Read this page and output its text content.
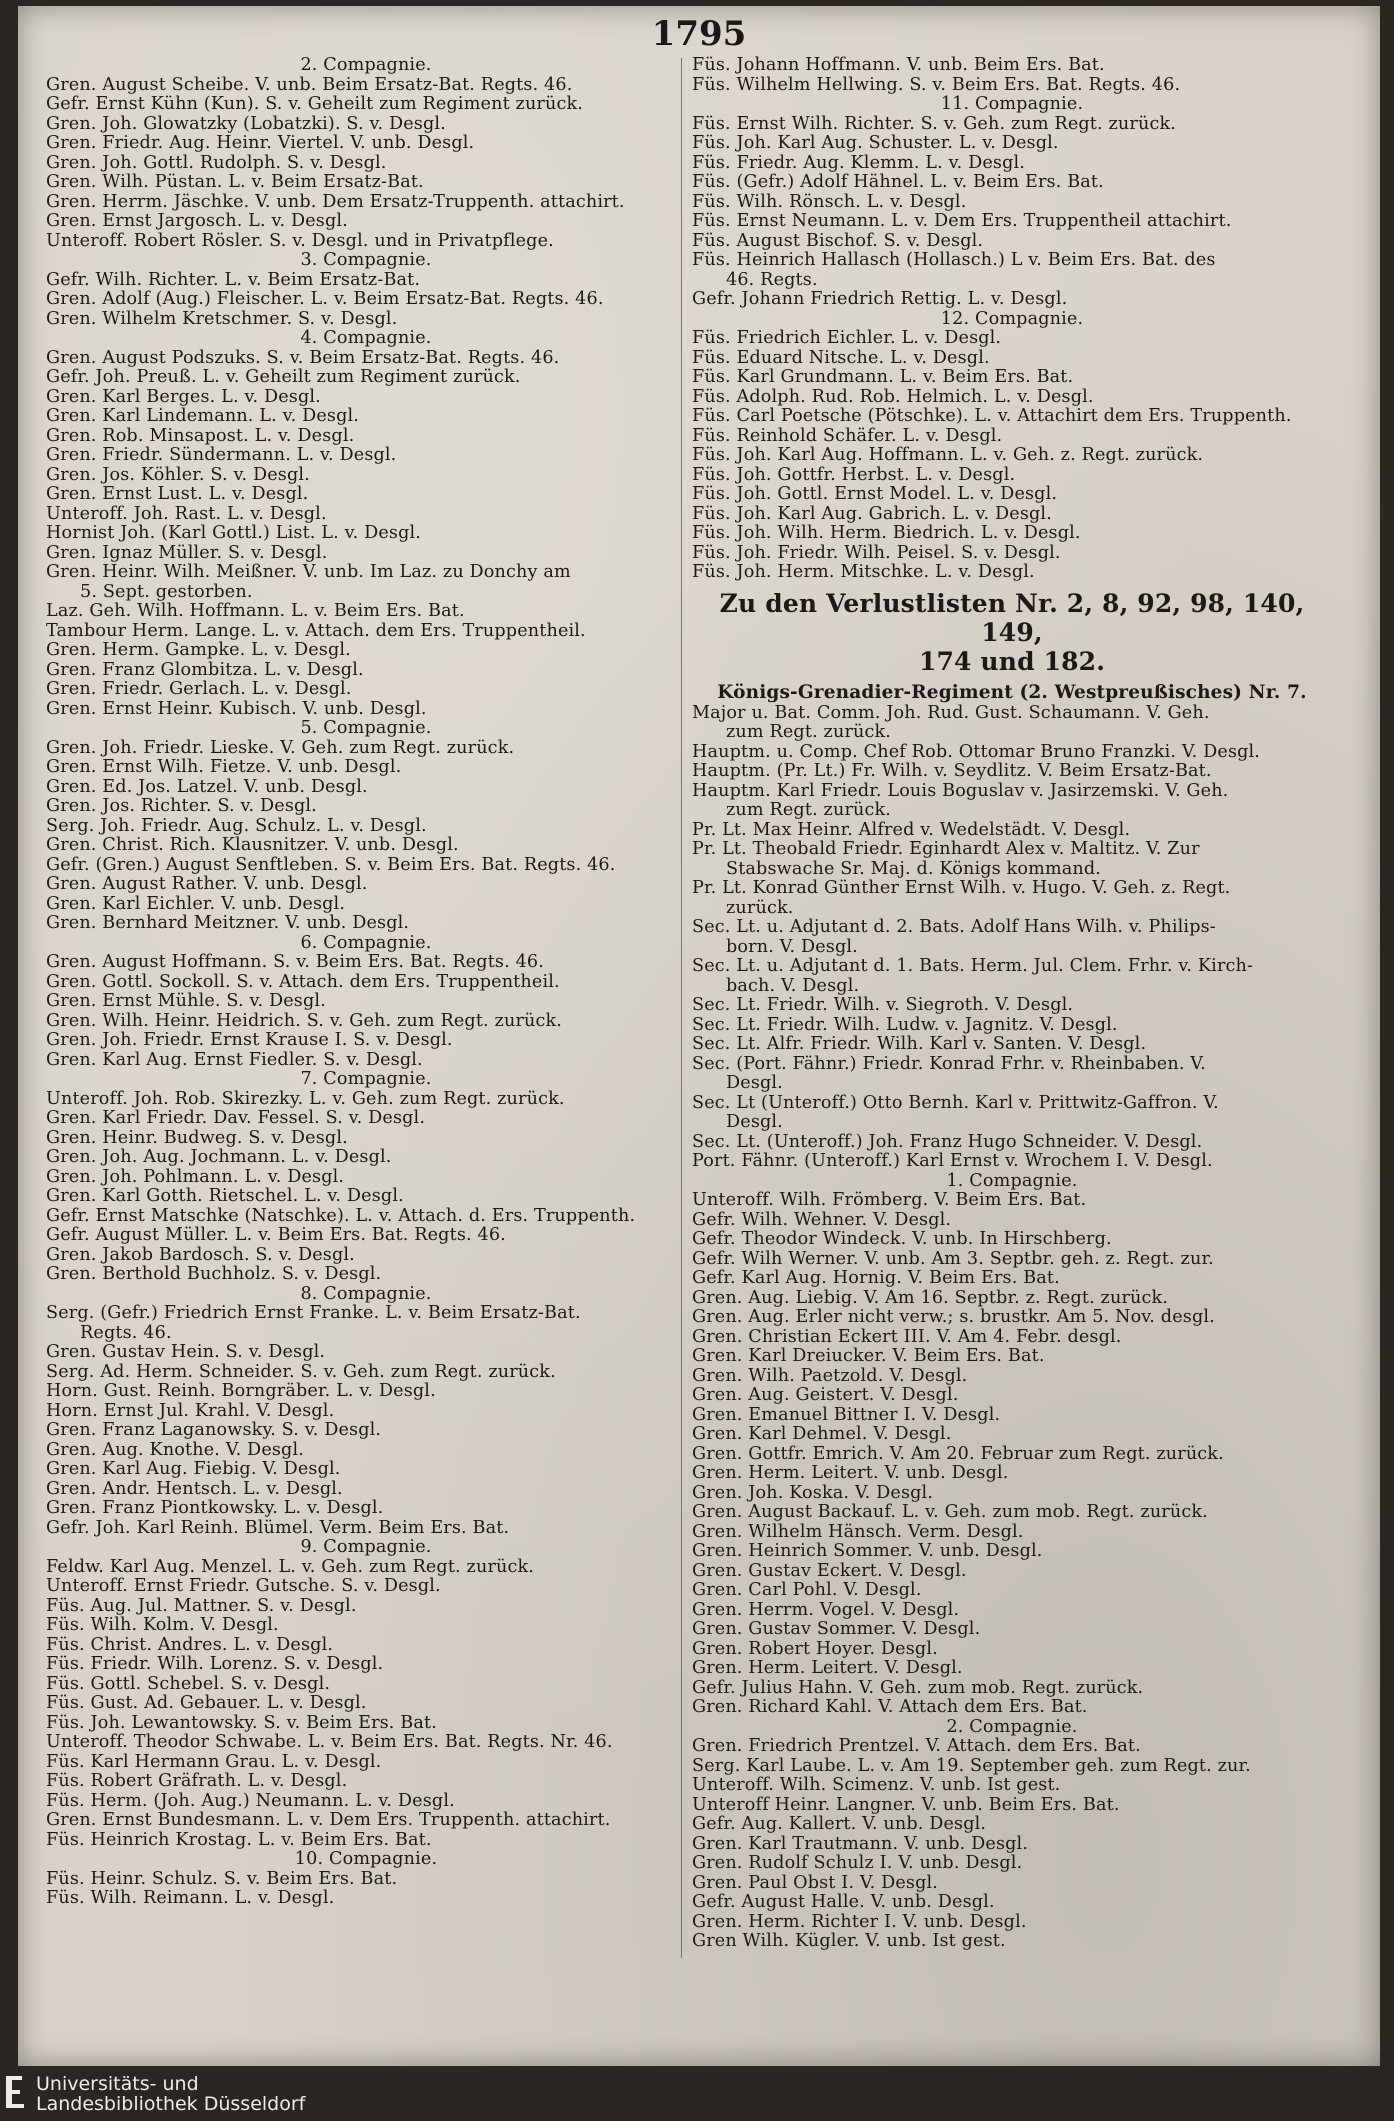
1795
2. Compagnie.
Gren. August Scheibe. V. unb. Beim Ersatz-Bat. Regts. 46.
Gefr. Ernst Kühn (Kun). S. v. Geheilt zum Regiment zurück.
Gren. Joh. Glowatzky (Lobatzki). S. v. Desgl.
Gren. Friedr. Aug. Heinr. Viertel. V. unb. Desgl.
Gren. Joh. Gottl. Rudolph. S. v. Desgl.
Gren. Wilh. Püstan. L. v. Beim Ersatz-Bat.
Gren. Herrm. Jäschke. V. unb. Dem Ersatz-Truppenth. attachirt.
Gren. Ernst Jargosch. L. v. Desgl.
Unteroff. Robert Rösler. S. v. Desgl. und in Privatpflege.
3. Compagnie.
Gefr. Wilh. Richter. L. v. Beim Ersatz-Bat.
Gren. Adolf (Aug.) Fleischer. L. v. Beim Ersatz-Bat. Regts. 46.
Gren. Wilhelm Kretschmer. S. v. Desgl.
4. Compagnie.
Gren. August Podszuks. S. v. Beim Ersatz-Bat. Regts. 46.
Gefr. Joh. Preuß. L. v. Geheilt zum Regiment zurück.
Gren. Karl Berges. L. v. Desgl.
Gren. Karl Lindemann. L. v. Desgl.
Gren. Rob. Minsapost. L. v. Desgl.
Gren. Friedr. Sündermann. L. v. Desgl.
Gren. Jos. Köhler. S. v. Desgl.
Gren. Ernst Lust. L. v. Desgl.
Unteroff. Joh. Rast. L. v. Desgl.
Hornist Joh. (Karl Gottl.) List. L. v. Desgl.
Gren. Ignaz Müller. S. v. Desgl.
Gren. Heinr. Wilh. Meißner. V. unb. Im Laz. zu Donchy am
5. Sept. gestorben.
Laz. Geh. Wilh. Hoffmann. L. v. Beim Ers. Bat.
Tambour Herm. Lange. L. v. Attach. dem Ers. Truppentheil.
Gren. Herm. Gampke. L. v. Desgl.
Gren. Franz Glombitza. L. v. Desgl.
Gren. Friedr. Gerlach. L. v. Desgl.
Gren. Ernst Heinr. Kubisch. V. unb. Desgl.
5. Compagnie.
Gren. Joh. Friedr. Lieske. V. Geh. zum Regt. zurück.
Gren. Ernst Wilh. Fietze. V. unb. Desgl.
Gren. Ed. Jos. Latzel. V. unb. Desgl.
Gren. Jos. Richter. S. v. Desgl.
Serg. Joh. Friedr. Aug. Schulz. L. v. Desgl.
Gren. Christ. Rich. Klausnitzer. V. unb. Desgl.
Gefr. (Gren.) August Senftleben. S. v. Beim Ers. Bat. Regts. 46.
Gren. August Rather. V. unb. Desgl.
Gren. Karl Eichler. V. unb. Desgl.
Gren. Bernhard Meitzner. V. unb. Desgl.
6. Compagnie.
Gren. August Hoffmann. S. v. Beim Ers. Bat. Regts. 46.
Gren. Gottl. Sockoll. S. v. Attach. dem Ers. Truppentheil.
Gren. Ernst Mühle. S. v. Desgl.
Gren. Wilh. Heinr. Heidrich. S. v. Geh. zum Regt. zurück.
Gren. Joh. Friedr. Ernst Krause I. S. v. Desgl.
Gren. Karl Aug. Ernst Fiedler. S. v. Desgl.
7. Compagnie.
Unteroff. Joh. Rob. Skirezky. L. v. Geh. zum Regt. zurück.
Gren. Karl Friedr. Dav. Fessel. S. v. Desgl.
Gren. Heinr. Budweg. S. v. Desgl.
Gren. Joh. Aug. Jochmann. L. v. Desgl.
Gren. Joh. Pohlmann. L. v. Desgl.
Gren. Karl Gotth. Rietschel. L. v. Desgl.
Gefr. Ernst Matschke (Natschke). L. v. Attach. d. Ers. Truppenth.
Gefr. August Müller. L. v. Beim Ers. Bat. Regts. 46.
Gren. Jakob Bardosch. S. v. Desgl.
Gren. Berthold Buchholz. S. v. Desgl.
8. Compagnie.
Serg. (Gefr.) Friedrich Ernst Franke. L. v. Beim Ersatz-Bat.
Regts. 46.
Gren. Gustav Hein. S. v. Desgl.
Serg. Ad. Herm. Schneider. S. v. Geh. zum Regt. zurück.
Horn. Gust. Reinh. Borngräber. L. v. Desgl.
Horn. Ernst Jul. Krahl. V. Desgl.
Gren. Franz Laganowsky. S. v. Desgl.
Gren. Aug. Knothe. V. Desgl.
Gren. Karl Aug. Fiebig. V. Desgl.
Gren. Andr. Hentsch. L. v. Desgl.
Gren. Franz Piontkowsky. L. v. Desgl.
Gefr. Joh. Karl Reinh. Blümel. Verm. Beim Ers. Bat.
9. Compagnie.
Feldw. Karl Aug. Menzel. L. v. Geh. zum Regt. zurück.
Unteroff. Ernst Friedr. Gutsche. S. v. Desgl.
Füs. Aug. Jul. Mattner. S. v. Desgl.
Füs. Wilh. Kolm. V. Desgl.
Füs. Christ. Andres. L. v. Desgl.
Füs. Friedr. Wilh. Lorenz. S. v. Desgl.
Füs. Gottl. Schebel. S. v. Desgl.
Füs. Gust. Ad. Gebauer. L. v. Desgl.
Füs. Joh. Lewantowsky. S. v. Beim Ers. Bat.
Unteroff. Theodor Schwabe. L. v. Beim Ers. Bat. Regts. Nr. 46.
Füs. Karl Hermann Grau. L. v. Desgl.
Füs. Robert Gräfrath. L. v. Desgl.
Füs. Herm. (Joh. Aug.) Neumann. L. v. Desgl.
Gren. Ernst Bundesmann. L. v. Dem Ers. Truppenth. attachirt.
Füs. Heinrich Krostag. L. v. Beim Ers. Bat.
10. Compagnie.
Füs. Heinr. Schulz. S. v. Beim Ers. Bat.
Füs. Wilh. Reimann. L. v. Desgl.
Füs. Johann Hoffmann. V. unb. Beim Ers. Bat.
Füs. Wilhelm Hellwing. S. v. Beim Ers. Bat. Regts. 46.
11. Compagnie.
Füs. Ernst Wilh. Richter. S. v. Geh. zum Regt. zurück.
Füs. Joh. Karl Aug. Schuster. L. v. Desgl.
Füs. Friedr. Aug. Klemm. L. v. Desgl.
Füs. (Gefr.) Adolf Hähnel. L. v. Beim Ers. Bat.
Füs. Wilh. Rönsch. L. v. Desgl.
Füs. Ernst Neumann. L. v. Dem Ers. Truppentheil attachirt.
Füs. August Bischof. S. v. Desgl.
Füs. Heinrich Hallasch (Hollasch.) L v. Beim Ers. Bat. des
46. Regts.
Gefr. Johann Friedrich Rettig. L. v. Desgl.
12. Compagnie.
Füs. Friedrich Eichler. L. v. Desgl.
Füs. Eduard Nitsche. L. v. Desgl.
Füs. Karl Grundmann. L. v. Beim Ers. Bat.
Füs. Adolph. Rud. Rob. Helmich. L. v. Desgl.
Füs. Carl Poetsche (Pötschke). L. v. Attachirt dem Ers. Truppenth.
Füs. Reinhold Schäfer. L. v. Desgl.
Füs. Joh. Karl Aug. Hoffmann. L. v. Geh. z. Regt. zurück.
Füs. Joh. Gottfr. Herbst. L. v. Desgl.
Füs. Joh. Gottl. Ernst Model. L. v. Desgl.
Füs. Joh. Karl Aug. Gabrich. L. v. Desgl.
Füs. Joh. Wilh. Herm. Biedrich. L. v. Desgl.
Füs. Joh. Friedr. Wilh. Peisel. S. v. Desgl.
Füs. Joh. Herm. Mitschke. L. v. Desgl.
Zu den Verlustlisten Nr. 2, 8, 92, 98, 140, 149,
174 und 182.
Königs-Grenadier-Regiment (2. Westpreußisches) Nr. 7.
Major u. Bat. Comm. Joh. Rud. Gust. Schaumann. V. Geh.
zum Regt. zurück.
Hauptm. u. Comp. Chef Rob. Ottomar Bruno Franzki. V. Desgl.
Hauptm. (Pr. Lt.) Fr. Wilh. v. Seydlitz. V. Beim Ersatz-Bat.
Hauptm. Karl Friedr. Louis Boguslav v. Jasirzemski. V. Geh.
zum Regt. zurück.
Pr. Lt. Max Heinr. Alfred v. Wedelstädt. V. Desgl.
Pr. Lt. Theobald Friedr. Eginhardt Alex v. Maltitz. V. Zur
Stabswache Sr. Maj. d. Königs kommand.
Pr. Lt. Konrad Günther Ernst Wilh. v. Hugo. V. Geh. z. Regt.
zurück.
Sec. Lt. u. Adjutant d. 2. Bats. Adolf Hans Wilh. v. Philips-
born. V. Desgl.
Sec. Lt. u. Adjutant d. 1. Bats. Herm. Jul. Clem. Frhr. v. Kirch-
bach. V. Desgl.
Sec. Lt. Friedr. Wilh. v. Siegroth. V. Desgl.
Sec. Lt. Friedr. Wilh. Ludw. v. Jagnitz. V. Desgl.
Sec. Lt. Alfr. Friedr. Wilh. Karl v. Santen. V. Desgl.
Sec. (Port. Fähnr.) Friedr. Konrad Frhr. v. Rheinbaben. V.
Desgl.
Sec. Lt (Unteroff.) Otto Bernh. Karl v. Prittwitz-Gaffron. V.
Desgl.
Sec. Lt. (Unteroff.) Joh. Franz Hugo Schneider. V. Desgl.
Port. Fähnr. (Unteroff.) Karl Ernst v. Wrochem I. V. Desgl.
1. Compagnie.
Unteroff. Wilh. Frömberg. V. Beim Ers. Bat.
Gefr. Wilh. Wehner. V. Desgl.
Gefr. Theodor Windeck. V. unb. In Hirschberg.
Gefr. Wilh Werner. V. unb. Am 3. Septbr. geh. z. Regt. zur.
Gefr. Karl Aug. Hornig. V. Beim Ers. Bat.
Gren. Aug. Liebig. V. Am 16. Septbr. z. Regt. zurück.
Gren. Aug. Erler nicht verw.; s. brustkr. Am 5. Nov. desgl.
Gren. Christian Eckert III. V. Am 4. Febr. desgl.
Gren. Karl Dreiucker. V. Beim Ers. Bat.
Gren. Wilh. Paetzold. V. Desgl.
Gren. Aug. Geistert. V. Desgl.
Gren. Emanuel Bittner I. V. Desgl.
Gren. Karl Dehmel. V. Desgl.
Gren. Gottfr. Emrich. V. Am 20. Februar zum Regt. zurück.
Gren. Herm. Leitert. V. unb. Desgl.
Gren. Joh. Koska. V. Desgl.
Gren. August Backauf. L. v. Geh. zum mob. Regt. zurück.
Gren. Wilhelm Hänsch. Verm. Desgl.
Gren. Heinrich Sommer. V. unb. Desgl.
Gren. Gustav Eckert. V. Desgl.
Gren. Carl Pohl. V. Desgl.
Gren. Herrm. Vogel. V. Desgl.
Gren. Gustav Sommer. V. Desgl.
Gren. Robert Hoyer. Desgl.
Gren. Herm. Leitert. V. Desgl.
Gefr. Julius Hahn. V. Geh. zum mob. Regt. zurück.
Gren. Richard Kahl. V. Attach dem Ers. Bat.
2. Compagnie.
Gren. Friedrich Prentzel. V. Attach. dem Ers. Bat.
Serg. Karl Laube. L. v. Am 19. September geh. zum Regt. zur.
Unteroff. Wilh. Scimenz. V. unb. Ist gest.
Unteroff Heinr. Langner. V. unb. Beim Ers. Bat.
Gefr. Aug. Kallert. V. unb. Desgl.
Gren. Karl Trautmann. V. unb. Desgl.
Gren. Rudolf Schulz I. V. unb. Desgl.
Gren. Paul Obst I. V. Desgl.
Gefr. August Halle. V. unb. Desgl.
Gren. Herm. Richter I. V. unb. Desgl.
Gren Wilh. Kügler. V. unb. Ist gest.
Universitäts- und
Landesbibliothek Düsseldorf
